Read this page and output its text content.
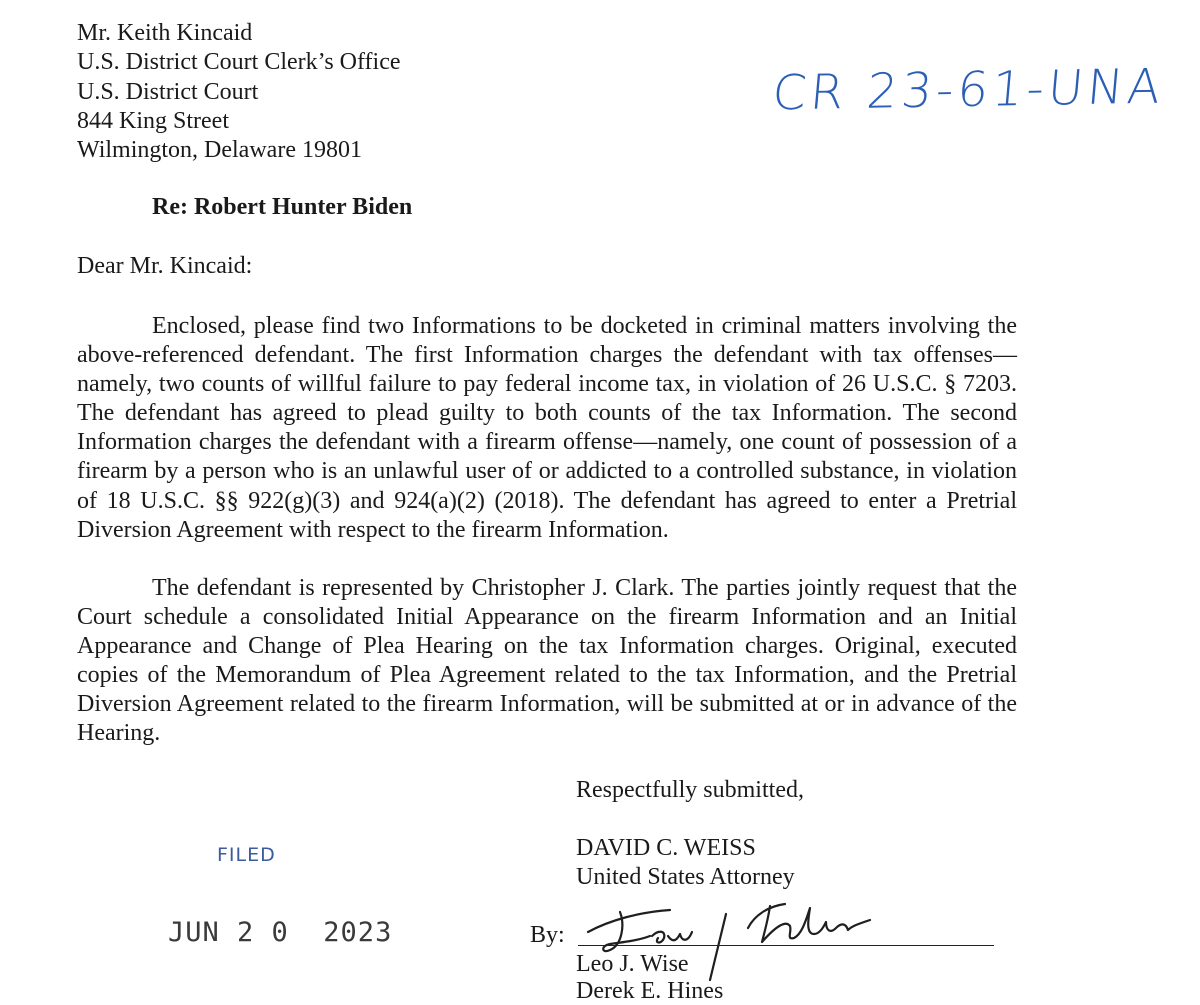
Mr. Keith Kincaid
U.S. District Court Clerk’s Office
U.S. District Court
844 King Street
Wilmington, Delaware 19801
CR 23-61-UNA
Re: Robert Hunter Biden
Dear Mr. Kincaid:

Enclosed, please find two Informations to be docketed in criminal matters involving the above-referenced defendant. The first Information charges the defendant with tax offenses—namely, two counts of willful failure to pay federal income tax, in violation of 26 U.S.C. § 7203. The defendant has agreed to plead guilty to both counts of the tax Information. The second Information charges the defendant with a firearm offense—namely, one count of possession of a firearm by a person who is an unlawful user of or addicted to a controlled substance, in violation of 18 U.S.C. §§ 922(g)(3) and 924(a)(2) (2018). The defendant has agreed to enter a Pretrial Diversion Agreement with respect to the firearm Information.

The defendant is represented by Christopher J. Clark. The parties jointly request that the Court schedule a consolidated Initial Appearance on the firearm Information and an Initial Appearance and Change of Plea Hearing on the tax Information charges. Original, executed copies of the Memorandum of Plea Agreement related to the tax Information, and the Pretrial Diversion Agreement related to the firearm Information, will be submitted at or in advance of the Hearing.

Respectfully submitted,
DAVID C. WEISS
United States Attorney
FILED
JUN 2 0  2023	By:
Leo J. Wise
Derek E. Hines
